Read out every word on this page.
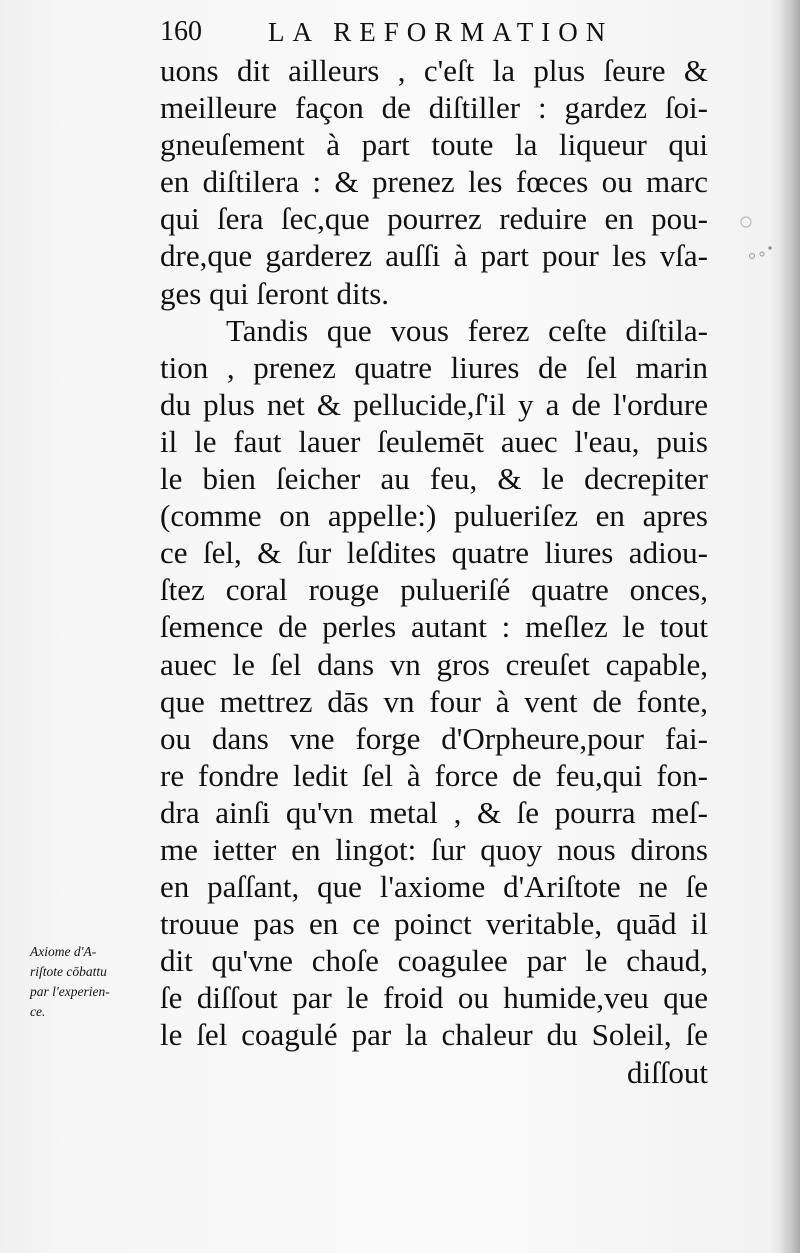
160 LA REFORMATION
uons dit ailleurs , c'eſt la plus ſeure &
meilleure façon de diſtiller : gardez ſoi-
gneuſement à part toute la liqueur qui
en diſtilera : & prenez les fœces ou marc
qui ſera ſec,que pourrez reduire en pou-
dre,que garderez auſſi à part pour les vſa-
ges qui ſeront dits.
Tandis que vous ferez ceſte diſtila-
tion , prenez quatre liures de ſel marin
du plus net & pellucide,ſ'il y a de l'ordure
il le faut lauer ſeulemēt auec l'eau, puis
le bien ſeicher au feu, & le decrepiter
(comme on appelle:) pulueriſez en apres
ce ſel, & ſur leſdites quatre liures adiou-
ſtez coral rouge pulueriſé quatre onces,
ſemence de perles autant : meſlez le tout
auec le ſel dans vn gros creuſet capable,
que mettrez dās vn four à vent de fonte,
ou dans vne forge d'Orpheure,pour fai-
re fondre ledit ſel à force de feu,qui fon-
dra ainſi qu'vn metal , & ſe pourra meſ-
me ietter en lingot: ſur quoy nous dirons
en paſſant, que l'axiome d'Ariſtote ne ſe
trouue pas en ce poinct veritable, quād il
dit qu'vne choſe coagulee par le chaud,
ſe diſſout par le froid ou humide,veu que
le ſel coagulé par la chaleur du Soleil, ſe
diſſout
Axiome d'A-
riſtote cōbattu
par l'experien-
ce.
